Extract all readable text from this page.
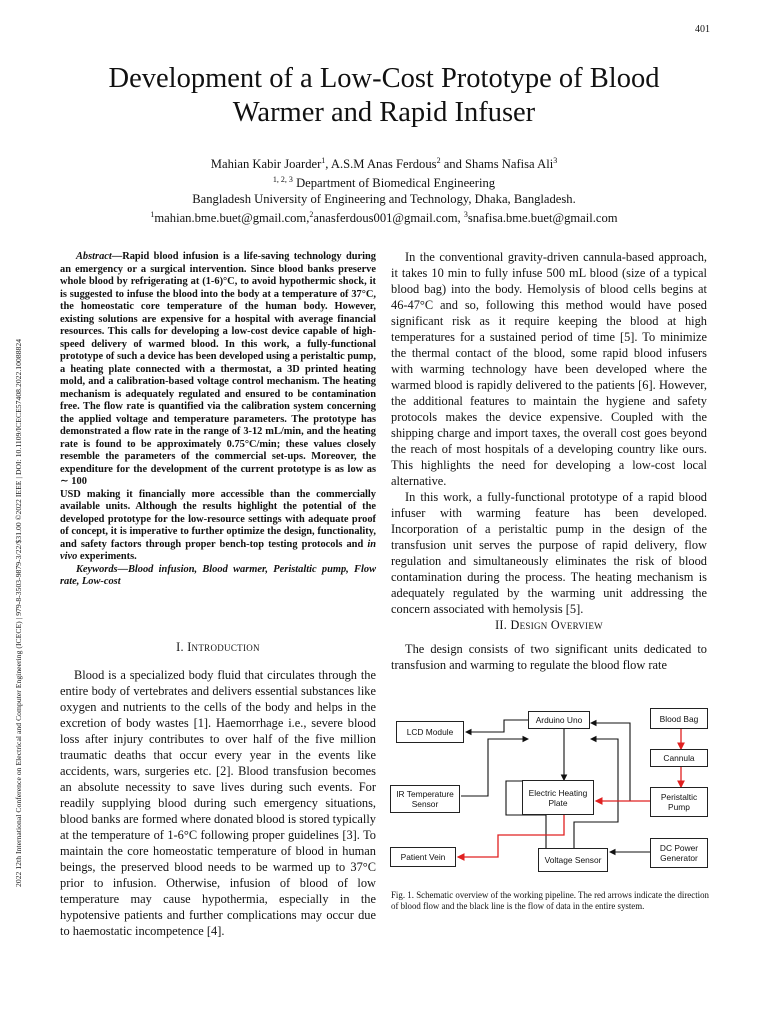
401
2022 12th International Conference on Electrical and Computer Engineering (ICECE) | 979-8-3503-9879-3/22/$31.00 ©2022 IEEE | DOI: 10.1109/ICECE57408.2022.10088824
Development of a Low-Cost Prototype of Blood
Warmer and Rapid Infuser
Mahian Kabir Joarder$^1$, A.S.M Anas Ferdous$^2$ and Shams Nafisa Ali$^3$
$^{1, 2, 3}$ Department of Biomedical Engineering
Bangladesh University of Engineering and Technology, Dhaka, Bangladesh.
$^1$mahian.bme.buet@gmail.com,$^2$anasferdous001@gmail.com, $^3$snafisa.bme.buet@gmail.com

Abstract—Rapid blood infusion is a life-saving technology during an emergency or a surgical intervention. Since blood banks preserve whole blood by refrigerating at (1-6)°C, to avoid hypothermic shock, it is suggested to infuse the blood into the body at a temperature of 37°C, the homeostatic core temperature of the human body. However, existing solutions are expensive for a hospital with average financial resources. This calls for developing a low-cost device capable of high-speed delivery of warmed blood. In this work, a fully-functional prototype of such a device has been developed using a peristaltic pump, a heating plate connected with a thermostat, a 3D printed heating mold, and a calibration-based voltage control mechanism. The heating mechanism is adequately regulated and ensured to be contamination free. The flow rate is quantified via the calibration system concerning the applied voltage and temperature parameters. The prototype has demonstrated a flow rate in the range of 3-12 mL/min, and the heating rate is found to be approximately 0.75°C/min; these values closely resemble the parameters of the commercial set-ups. Moreover, the expenditure for the development of the current prototype is as low as ∼ 100

USD making it financially more accessible than the commercially available units. Although the results highlight the potential of the developed prototype for the low-resource settings with adequate proof of concept, it is imperative to further optimize the design, functionality, and safety factors through proper bench-top testing protocols and in vivo experiments.

Keywords—Blood infusion, Blood warmer, Peristaltic pump, Flow rate, Low-cost

I. Introduction

Blood is a specialized body fluid that circulates through the entire body of vertebrates and delivers essential substances like oxygen and nutrients to the cells of the body and helps in the excretion of body wastes [1]. Haemorrhage i.e., severe blood loss after injury contributes to over half of the five million traumatic deaths that occur every year in the events like accidents, wars, surgeries etc. [2]. Blood transfusion becomes an absolute necessity to save lives during such events. For readily supplying blood during such emergency situations, blood banks are formed where donated blood is stored typically at the temperature of 1-6°C following proper guidelines [3]. To maintain the core homeostatic temperature of blood in human beings, the preserved blood needs to be warmed up to 37°C prior to infusion. Otherwise, infusion of blood of low temperature may cause hypothermia, especially in the hypotensive patients and further complications may occur due to haemostatic incompetence [4].

In the conventional gravity-driven cannula-based approach, it takes 10 min to fully infuse 500 mL blood (size of a typical blood bag) into the body. Hemolysis of blood cells begins at 46-47°C and so, following this method would have posed significant risk as it require keeping the blood at high temperatures for a sustained period of time [5]. To minimize the thermal contact of the blood, some rapid blood infusers with warming technology have been developed where the warmed blood is rapidly delivered to the patients [6]. However, the additional features to maintain the hygiene and safety protocols makes the device expensive. Coupled with the shipping charge and import taxes, the overall cost goes beyond the reach of most hospitals of a developing country like ours. This highlights the need for developing a low-cost local alternative.

In this work, a fully-functional prototype of a rapid blood infuser with warming feature has been developed. Incorporation of a peristaltic pump in the design of the transfusion unit serves the purpose of rapid delivery, flow regulation and simultaneously eliminates the risk of blood contamination during the process. The heating mechanism is adequately regulated by the warming unit addressing the concern associated with hemolysis [5].

II. Design Overview

The design consists of two significant units dedicated to transfusion and warming to regulate the blood flow rate

LCD Module
Arduino Uno	Blood Bag
Cannula
IR Temperature Sensor
Electric Heating Plate
Peristaltic Pump
Patient Vein	Voltage Sensor
DC Power Generator
Fig. 1. Schematic overview of the working pipeline. The red arrows indicate the direction of blood flow and the black line is the flow of data in the entire system.
